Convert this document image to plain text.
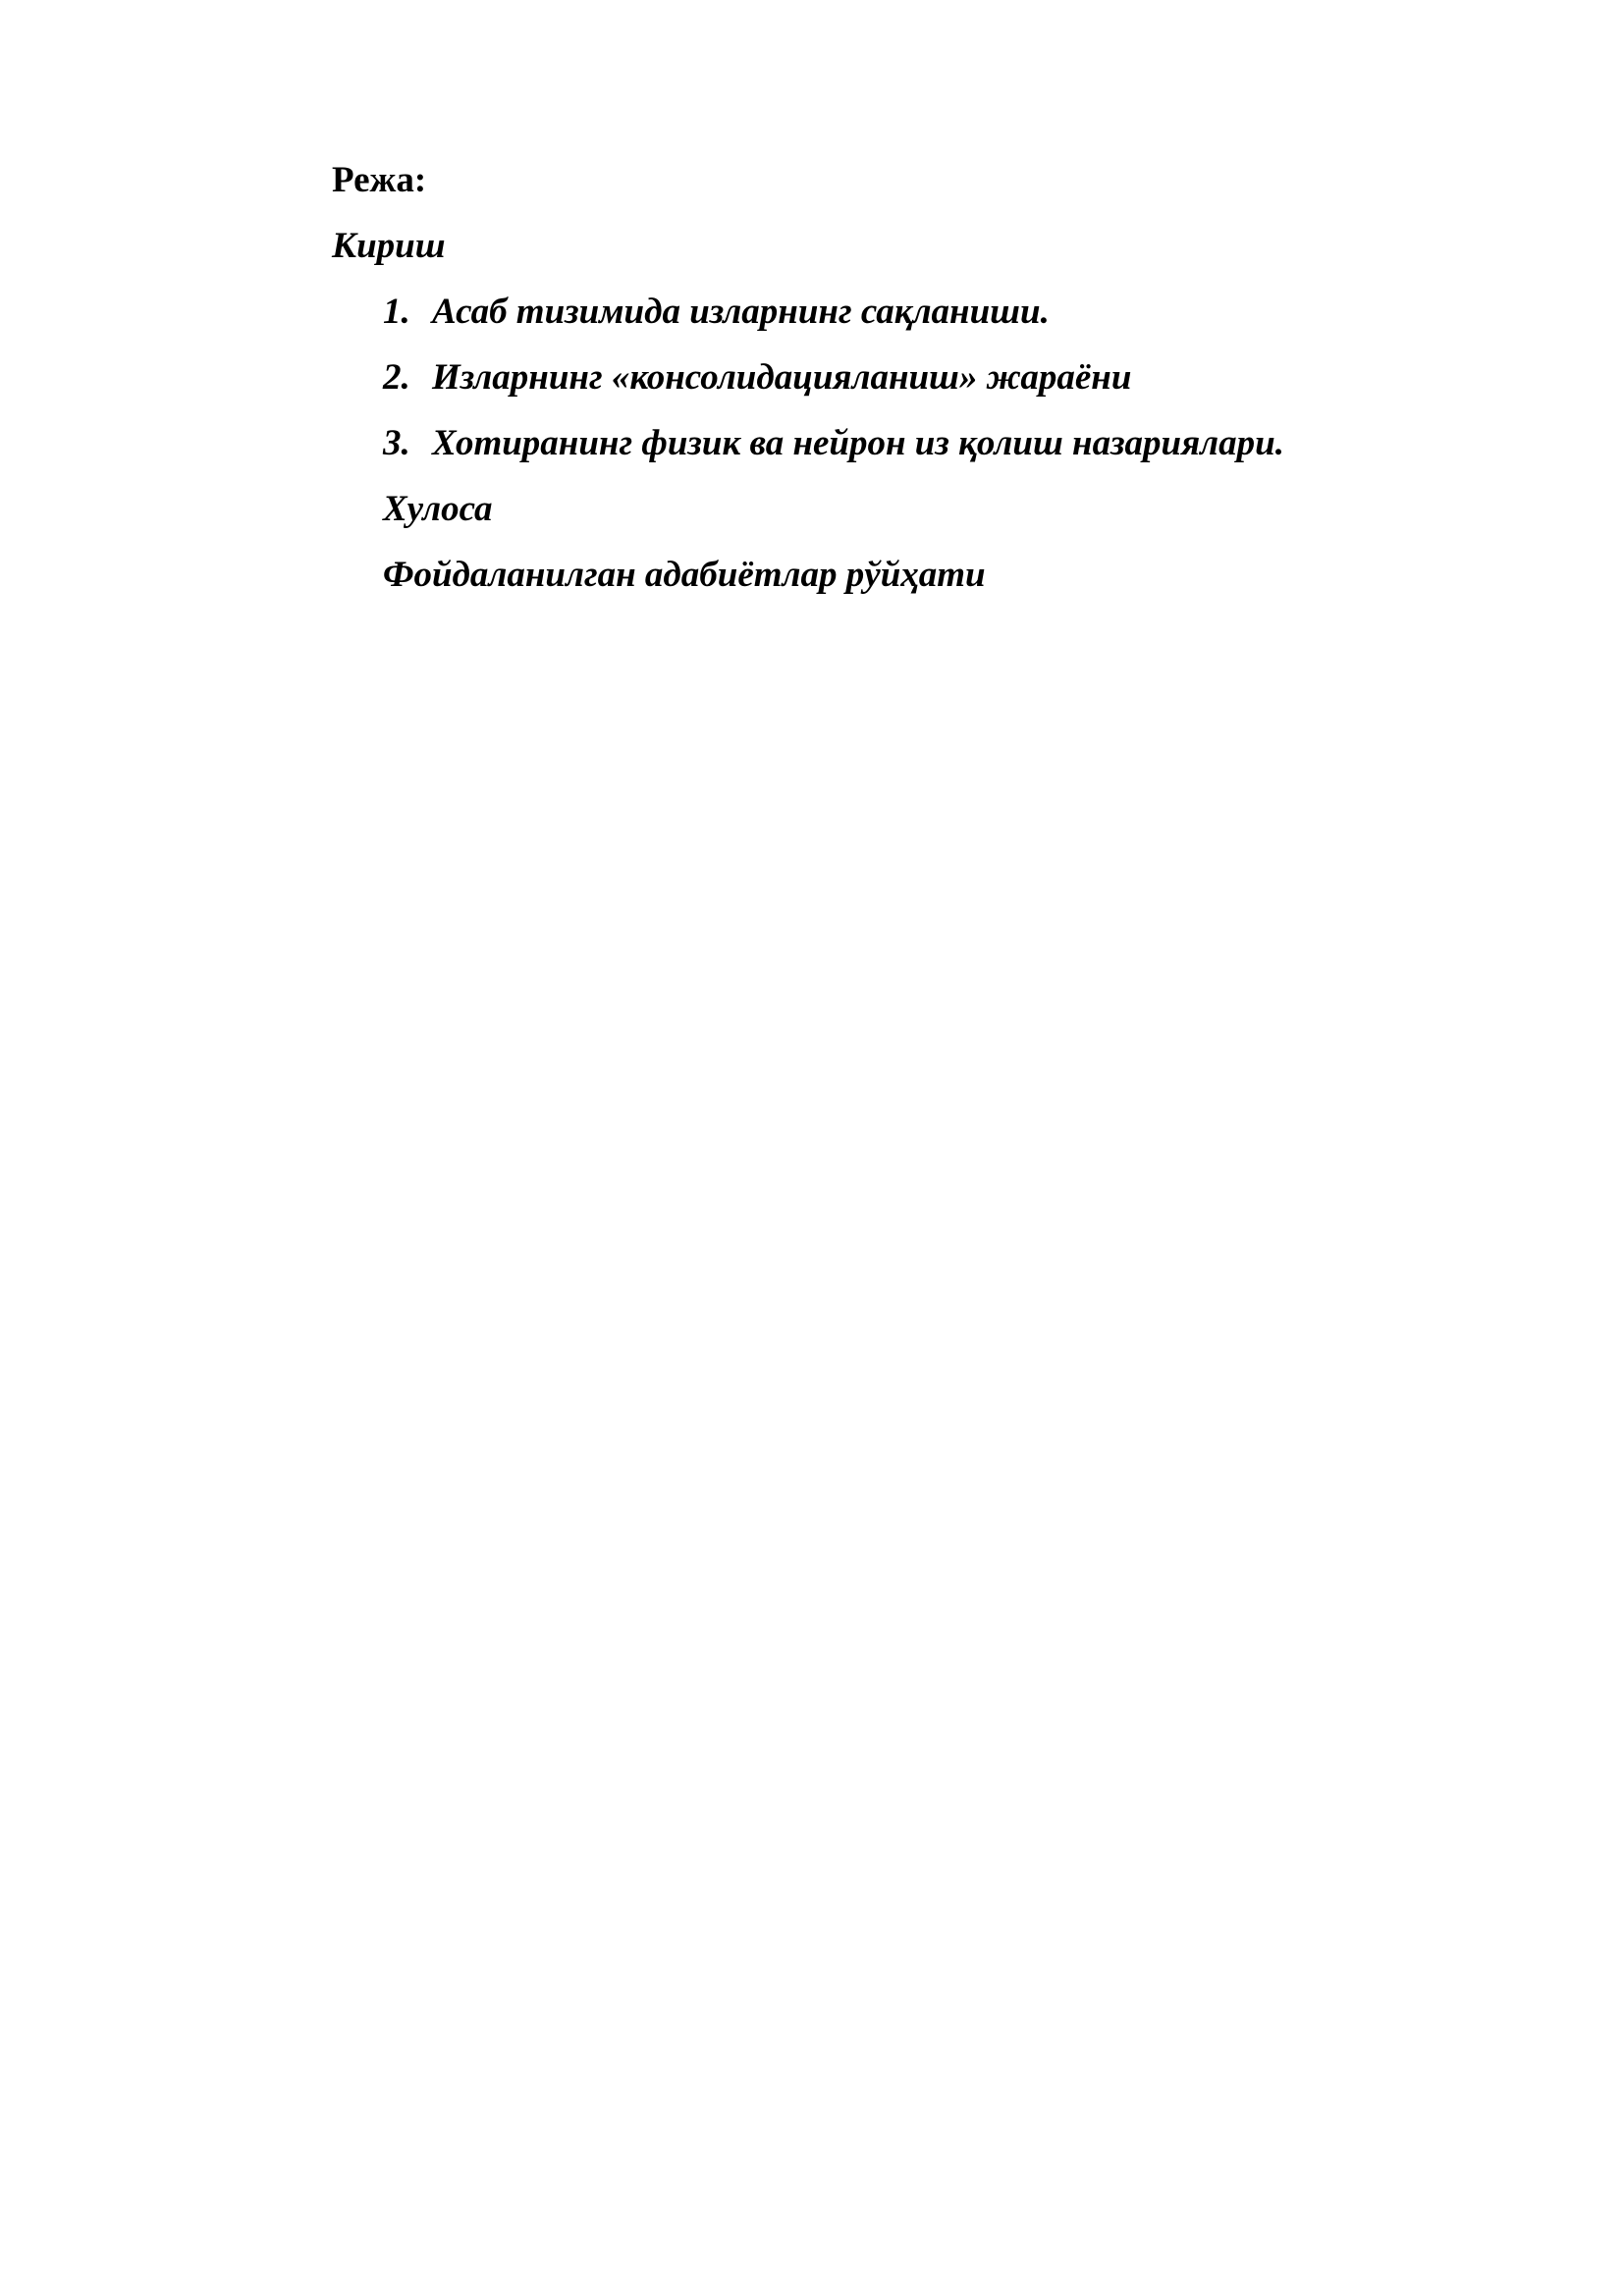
Режа:

Кириш

1. Асаб тизимида изларнинг сақланиши.
2. Изларнинг «консолидацияланиш» жараёни
3. Хотиранинг физик ва нейрон из қолиш назариялари.

Хулоса

Фойдаланилган адабиётлар рўйҳати
